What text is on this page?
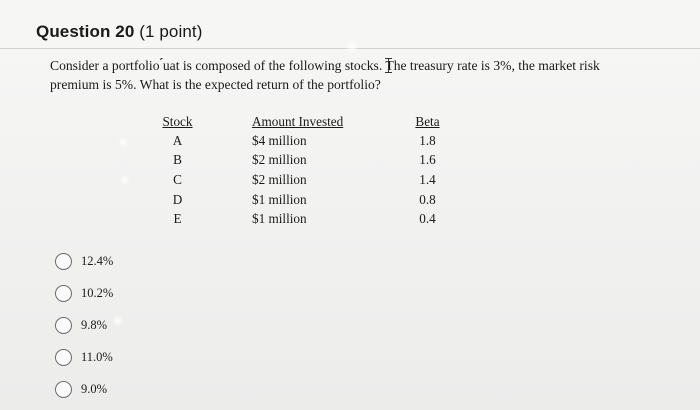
Question 20 (1 point)
Consider a portfolio ́́uat is composed of the following stocks. The treasury rate is 3%, the market risk premium is 5%. What is the expected return of the portfolio?
Stock		Amount Invested		Beta
A		$4 million		1.8
B		$2 million		1.6
C		$2 million		1.4
D		$1 million		0.8
E		$1 million		0.4
12.4%
10.2%
9.8%
11.0%
9.0%
